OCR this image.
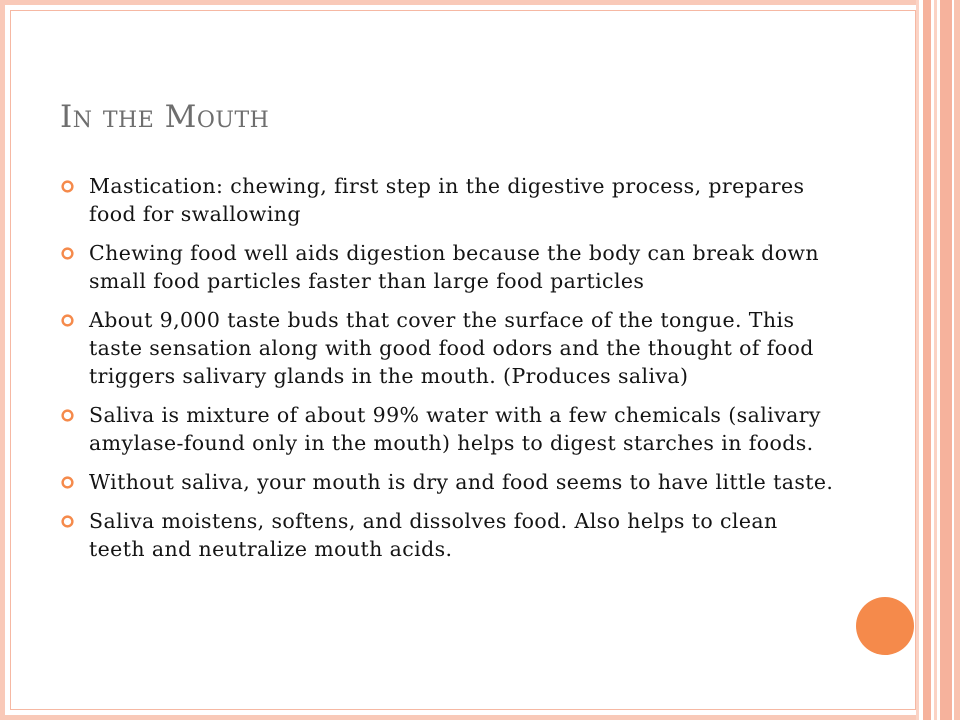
In the Mouth
Mastication: chewing, first step in the digestive process, prepares food for swallowing
Chewing food well aids digestion because the body can break down small food particles faster than large food particles
About 9,000 taste buds that cover the surface of the tongue. This taste sensation along with good food odors and the thought of food triggers salivary glands in the mouth. (Produces saliva)
Saliva is mixture of about 99% water with a few chemicals (salivary amylase-found only in the mouth) helps to digest starches in foods.
Without saliva, your mouth is dry and food seems to have little taste.
Saliva moistens, softens, and dissolves food. Also helps to clean teeth and neutralize mouth acids.
